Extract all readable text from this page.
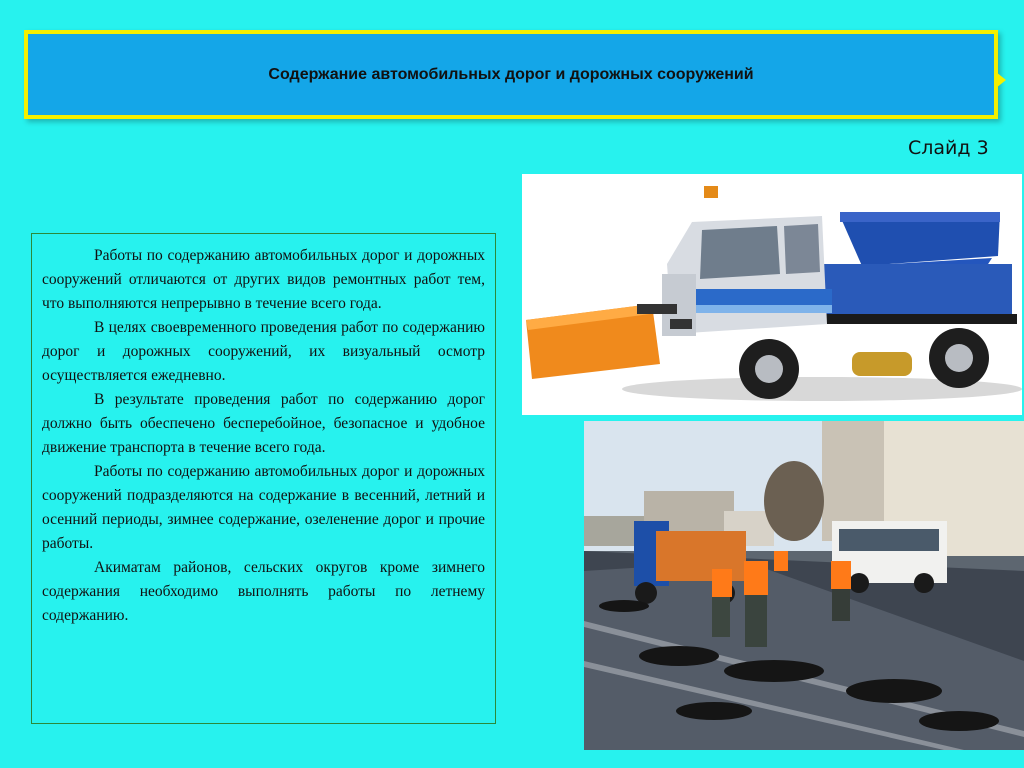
Содержание автомобильных дорог и дорожных сооружений
Слайд 3

Работы по содержанию автомобильных дорог и дорожных сооружений отличаются от других видов ремонтных работ тем, что выполняются непрерывно в течение всего года.

В целях своевременного проведения работ по содержанию дорог и дорожных сооружений, их визуальный осмотр осуществляется ежедневно.

В результате проведения работ по содержанию дорог должно быть обеспечено бесперебойное, безопасное и удобное движение транспорта в течение всего года.

Работы по содержанию автомобильных дорог и дорожных сооружений подразделяются на содержание в весенний, летний и осенний периоды, зимнее содержание, озеленение дорог и прочие работы.

Акиматам районов, сельских округов кроме зимнего содержания необходимо выполнять работы по летнему содержанию.
